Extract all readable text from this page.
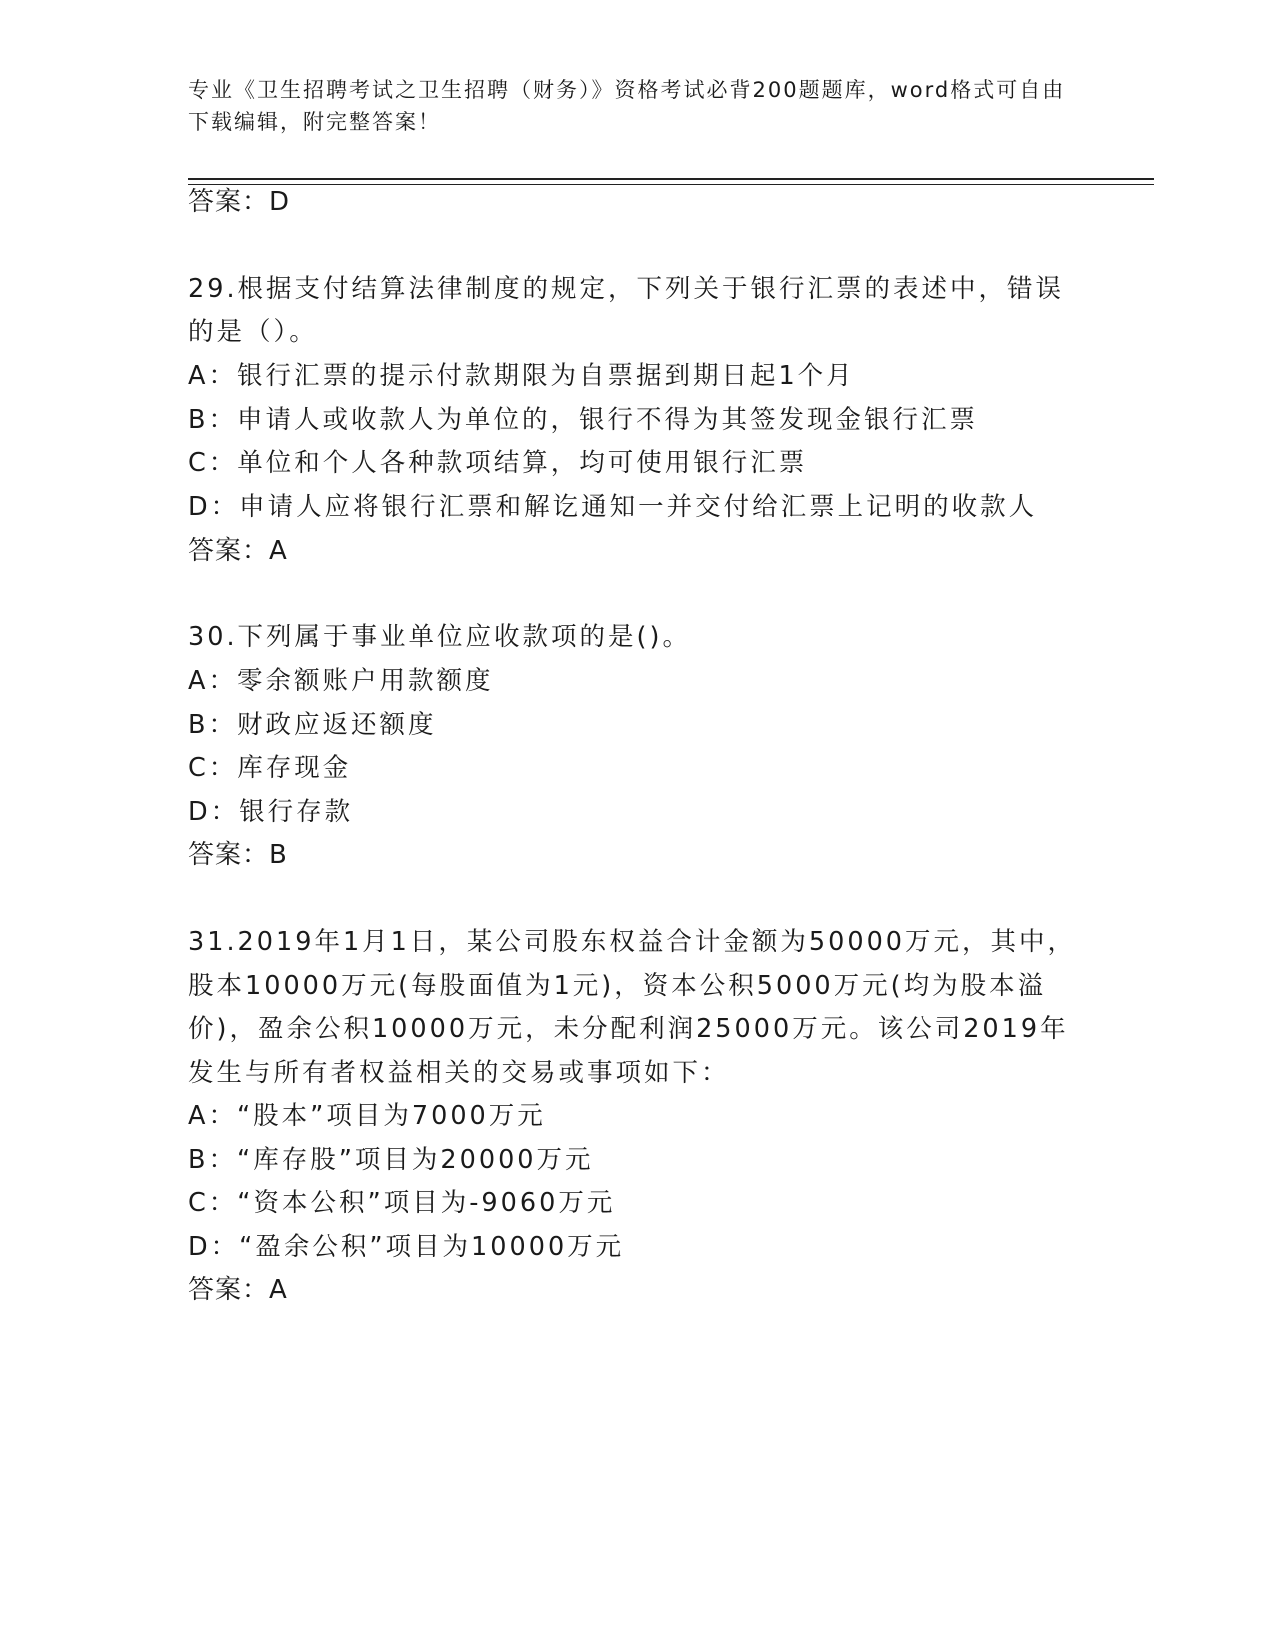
专业《卫生招聘考试之卫生招聘（财务）》资格考试必背200题题库，word格式可自由下载编辑，附完整答案！
答案：D
29.根据支付结算法律制度的规定，下列关于银行汇票的表述中，错误
的是（）。
A：银行汇票的提示付款期限为自票据到期日起1个月
B：申请人或收款人为单位的，银行不得为其签发现金银行汇票
C：单位和个人各种款项结算，均可使用银行汇票
D：申请人应将银行汇票和解讫通知一并交付给汇票上记明的收款人
答案：A
30.下列属于事业单位应收款项的是()。
A：零余额账户用款额度
B：财政应返还额度
C：库存现金
D：银行存款
答案：B
31.2019年1月1日，某公司股东权益合计金额为50000万元，其中，
股本10000万元(每股面值为1元)，资本公积5000万元(均为股本溢
价)，盈余公积10000万元，未分配利润25000万元。该公司2019年
发生与所有者权益相关的交易或事项如下：
A：“股本”项目为7000万元
B：“库存股”项目为20000万元
C：“资本公积”项目为-9060万元
D：“盈余公积”项目为10000万元
答案：A
